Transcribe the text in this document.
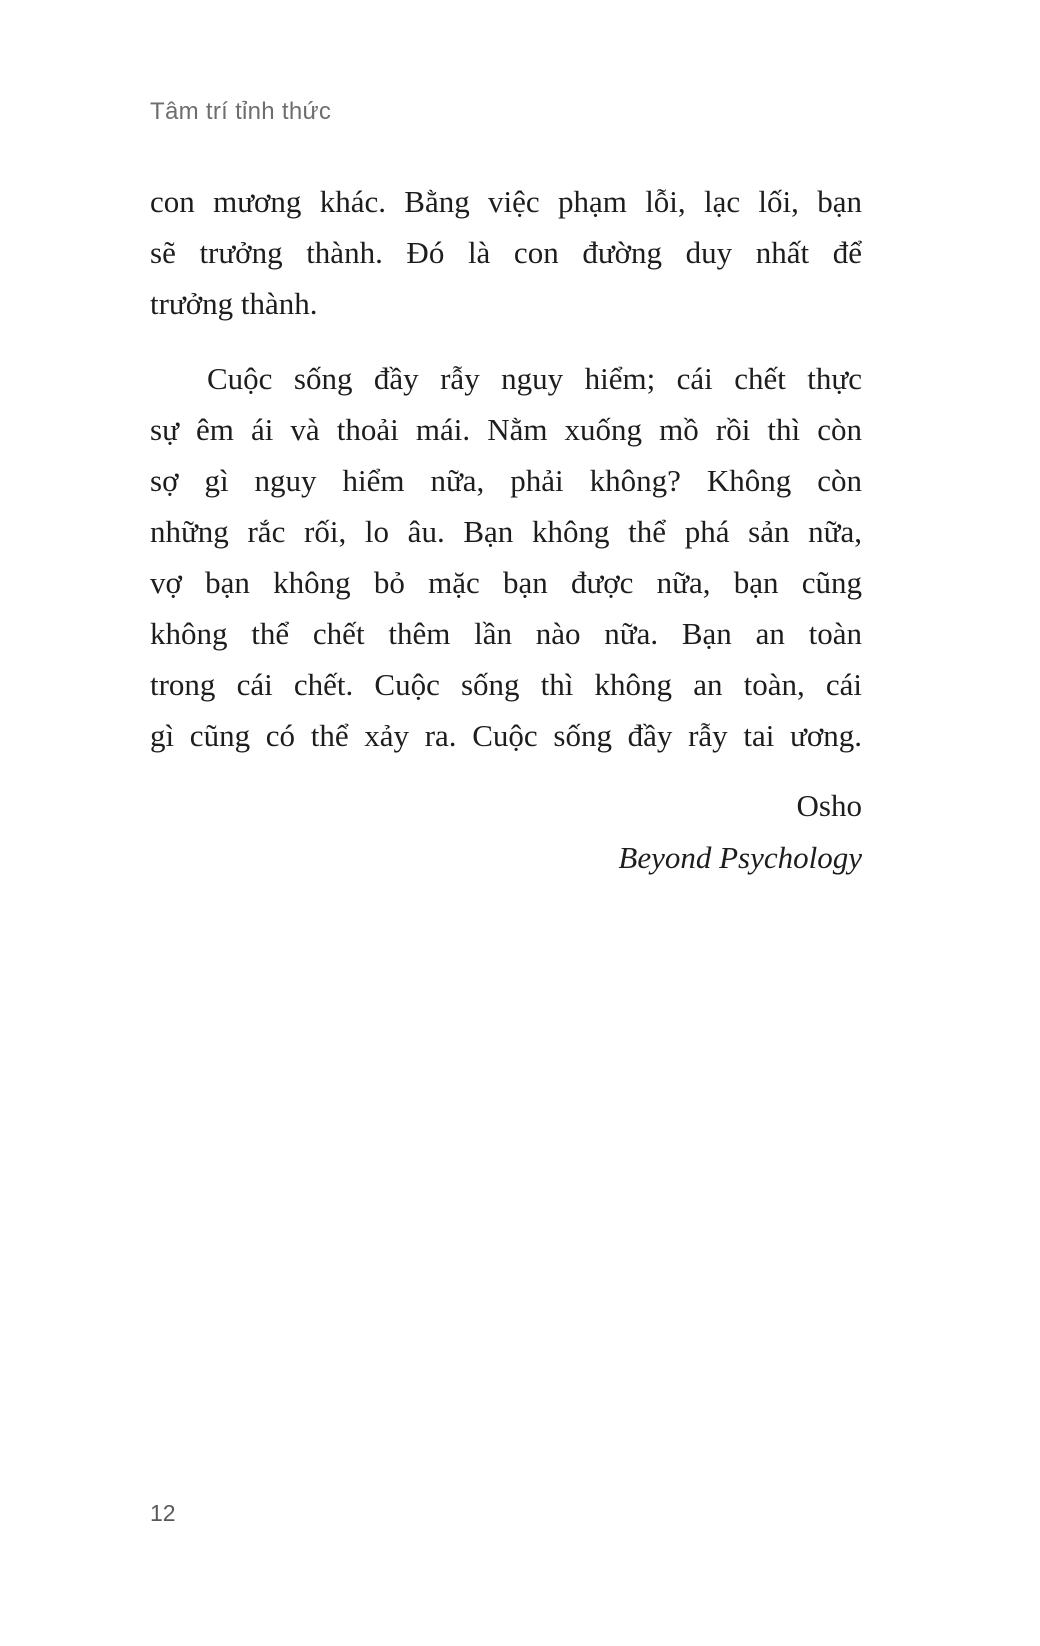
Tâm trí tỉnh thức
con mương khác. Bằng việc phạm lỗi, lạc lối, bạn
sẽ trưởng thành. Đó là con đường duy nhất để
trưởng thành.
Cuộc sống đầy rẫy nguy hiểm; cái chết thực
sự êm ái và thoải mái. Nằm xuống mồ rồi thì còn
sợ gì nguy hiểm nữa, phải không? Không còn
những rắc rối, lo âu. Bạn không thể phá sản nữa,
vợ bạn không bỏ mặc bạn được nữa, bạn cũng
không thể chết thêm lần nào nữa. Bạn an toàn
trong cái chết. Cuộc sống thì không an toàn, cái
gì cũng có thể xảy ra. Cuộc sống đầy rẫy tai ương.
Osho
Beyond Psychology
12
